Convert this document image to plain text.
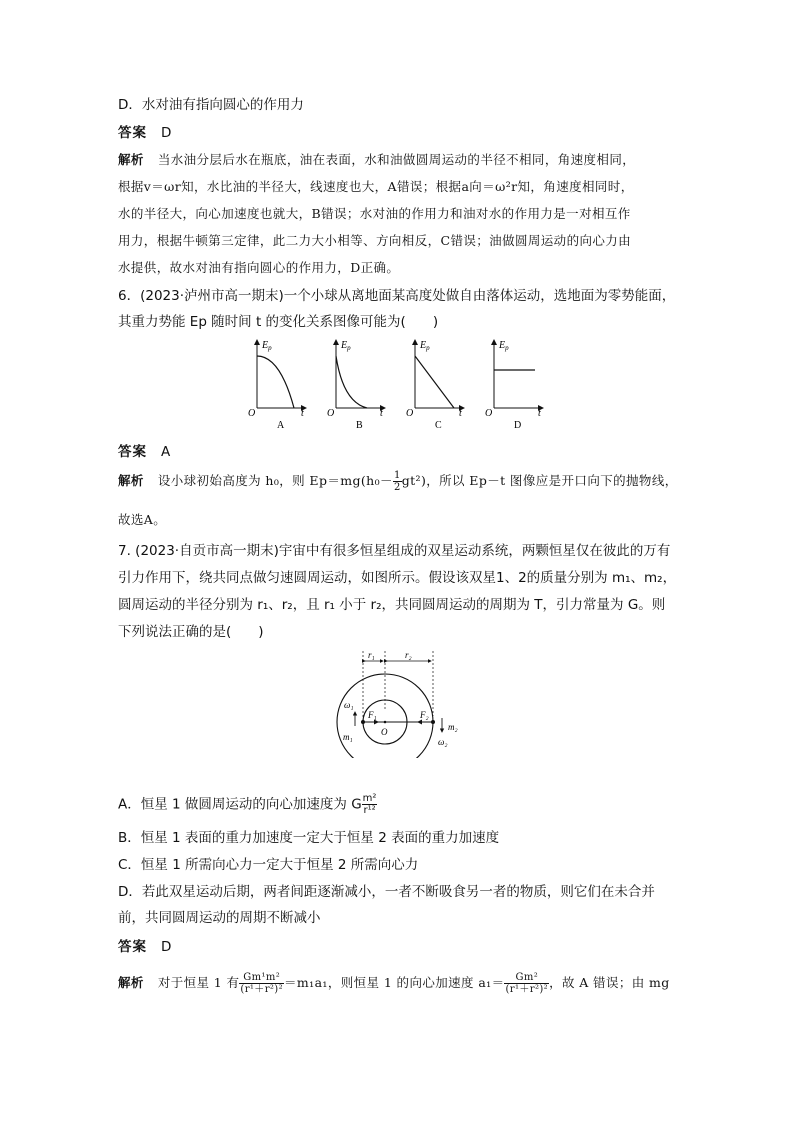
D．水对油有指向圆心的作用力
答案 D
解析 当水油分层后水在瓶底，油在表面，水和油做圆周运动的半径不相同，角速度相同，
根据v＝ωr知，水比油的半径大，线速度也大，A错误；根据a向＝ω²r知，角速度相同时，
水的半径大，向心加速度也就大，B错误；水对油的作用力和油对水的作用力是一对相互作
用力，根据牛顿第三定律，此二力大小相等、方向相反，C错误；油做圆周运动的向心力由
水提供，故水对油有指向圆心的作用力，D正确。
6．(2023·泸州市高一期末)一个小球从离地面某高度处做自由落体运动，选地面为零势能面，
其重力势能 Ep 随时间 t 的变化关系图像可能为(　　)
$E_p$
O	t
A
$E_p$
O	t
B
$E_p$
O	t
C
$E_p$
O	t
D
答案 A
解析 设小球初始高度为 h₀，则 $Ep=mg(h_0- \frac{1}{2} gt^2)$，所以 Ep－t 图像应是开口向下的抛物线，
故选A。
7. (2023·自贡市高一期末)宇宙中有很多恒星组成的双星运动系统，两颗恒星仅在彼此的万有
引力作用下，绕共同点做匀速圆周运动，如图所示。假设该双星1、2的质量分别为 m₁、m₂，
圆周运动的半径分别为 r₁、r₂，且 r₁ 小于 r₂，共同圆周运动的周期为 T，引力常量为 G。则
下列说法正确的是(　　)
r₁	r₂
F₁	F₂
O
m₁
m₂
ω₁
ω₂
A．恒星 1 做圆周运动的向心加速度为 G $\frac{\text{m²}}{\text{r¹²}}$
B．恒星 1 表面的重力加速度一定大于恒星 2 表面的重力加速度
C．恒星 1 所需向心力一定大于恒星 2 所需向心力
D．若此双星运动后期，两者间距逐渐减小，一者不断吸食另一者的物质，则它们在未合并
前，共同圆周运动的周期不断减小
答案 D
解析 对于恒星 1 有 $\frac{\text{Gm¹m²}}{\text{(r¹＋r²)²}} =m_1a_1$，则恒星 1 的向心加速度 $a_1= \frac{\text{Gm²}}{\text{(r¹＋r²)²}}$ ，故 A 错误；由 mg
